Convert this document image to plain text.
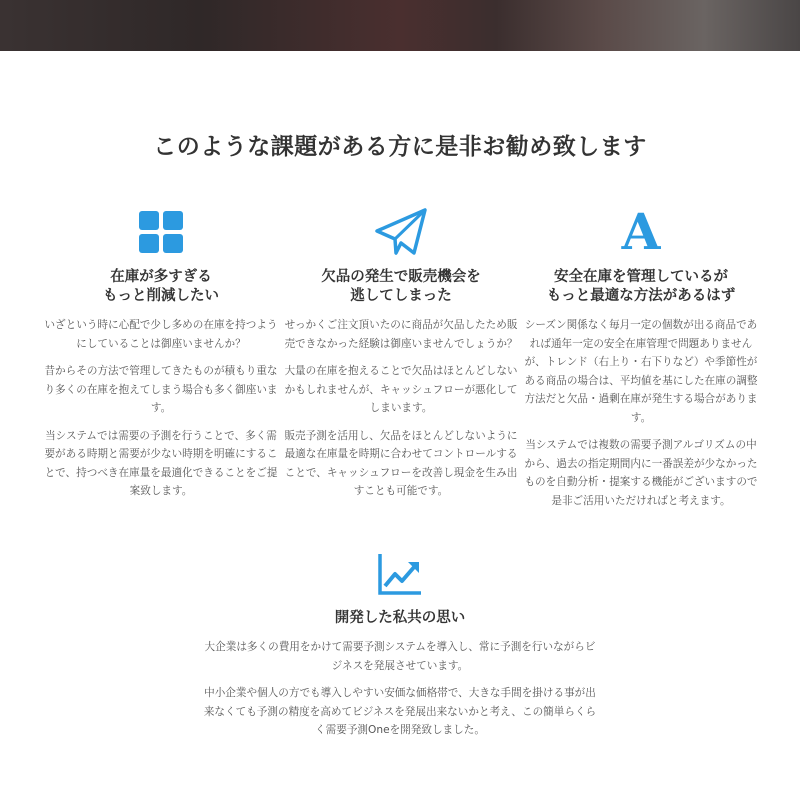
このような課題がある方に是非お勧め致します
在庫が多すぎる
もっと削減したい

いざという時に心配で少し多めの在庫を持つようにしていることは御座いませんか？

昔からその方法で管理してきたものが積もり重なり多くの在庫を抱えてしまう場合も多く御座います。

当システムでは需要の予測を行うことで、多く需要がある時期と需要が少ない時期を明確にすることで、持つべき在庫量を最適化できることをご提案致します。

欠品の発生で販売機会を
逃してしまった

せっかくご注文頂いたのに商品が欠品したため販売できなかった経験は御座いませんでしょうか？

大量の在庫を抱えることで欠品はほとんどしないかもしれませんが、キャッシュフローが悪化してしまいます。

販売予測を活用し、欠品をほとんどしないように最適な在庫量を時期に合わせてコントロールすることで、キャッシュフローを改善し現金を生み出すことも可能です。

A
安全在庫を管理しているが
もっと最適な方法があるはず

シーズン関係なく毎月一定の個数が出る商品であれば通年一定の安全在庫管理で問題ありませんが、トレンド（右上り・右下りなど）や季節性がある商品の場合は、平均値を基にした在庫の調整方法だと欠品・過剰在庫が発生する場合があります。

当システムでは複数の需要予測アルゴリズムの中から、過去の指定期間内に一番誤差が少なかったものを自動分析・提案する機能がございますので是非ご活用いただければと考えます。

開発した私共の思い

大企業は多くの費用をかけて需要予測システムを導入し、常に予測を行いながらビジネスを発展させています。

中小企業や個人の方でも導入しやすい安価な価格帯で、大きな手間を掛ける事が出来なくても予測の精度を高めてビジネスを発展出来ないかと考え、この簡単らくらく需要予測Oneを開発致しました。
